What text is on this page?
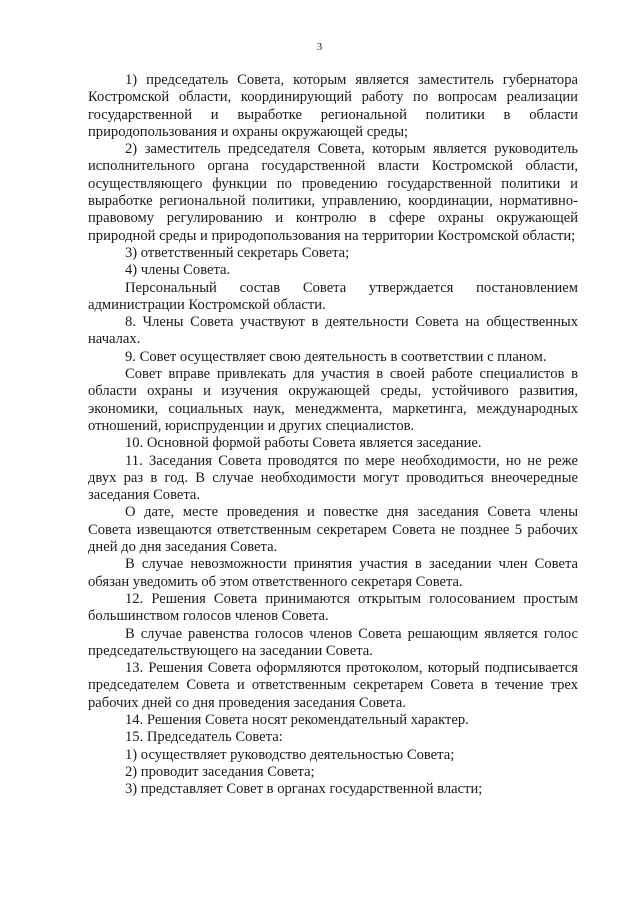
3

1) председатель Совета, которым является заместитель губернатора Костромской области, координирующий работу по вопросам реализации государственной и выработке региональной политики в области природопользования и охраны окружающей среды;

2) заместитель председателя Совета, которым является руководитель исполнительного органа государственной власти Костромской области, осуществляющего функции по проведению государственной политики и выработке региональной политики, управлению, координации, нормативно-правовому регулированию и контролю в сфере охраны окружающей природной среды и природопользования на территории Костромской области;

3) ответственный секретарь Совета;

4) члены Совета.

Персональный состав Совета утверждается постановлением администрации Костромской области.

8. Члены Совета участвуют в деятельности Совета на общественных началах.

9. Совет осуществляет свою деятельность в соответствии с планом.

Совет вправе привлекать для участия в своей работе специалистов в области охраны и изучения окружающей среды, устойчивого развития, экономики, социальных наук, менеджмента, маркетинга, международных отношений, юриспруденции и других специалистов.

10. Основной формой работы Совета является заседание.

11. Заседания Совета проводятся по мере необходимости, но не реже двух раз в год. В случае необходимости могут проводиться внеочередные заседания Совета.

О дате, месте проведения и повестке дня заседания Совета члены Совета извещаются ответственным секретарем Совета не позднее 5 рабочих дней до дня заседания Совета.

В случае невозможности принятия участия в заседании член Совета обязан уведомить об этом ответственного секретаря Совета.

12. Решения Совета принимаются открытым голосованием простым большинством голосов членов Совета.

В случае равенства голосов членов Совета решающим является голос председательствующего на заседании Совета.

13. Решения Совета оформляются протоколом, который подписывается председателем Совета и ответственным секретарем Совета в течение трех рабочих дней со дня проведения заседания Совета.

14. Решения Совета носят рекомендательный характер.

15. Председатель Совета:

1) осуществляет руководство деятельностью Совета;

2) проводит заседания Совета;

3) представляет Совет в органах государственной власти;
